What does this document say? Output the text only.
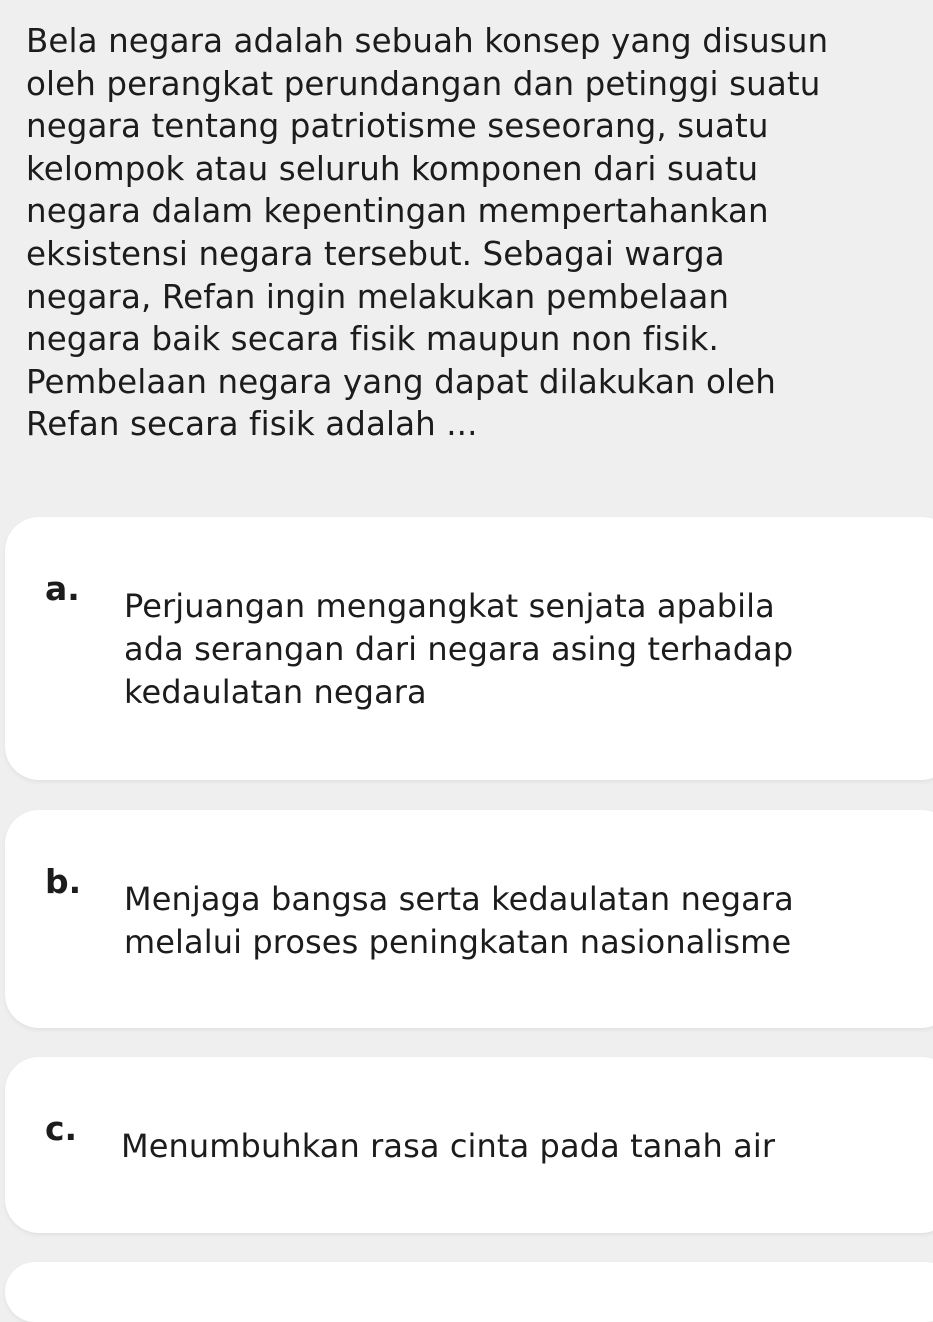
Bela negara adalah sebuah konsep yang disusun
oleh perangkat perundangan dan petinggi suatu
negara tentang patriotisme seseorang, suatu
kelompok atau seluruh komponen dari suatu
negara dalam kepentingan mempertahankan
eksistensi negara tersebut. Sebagai warga
negara, Refan ingin melakukan pembelaan
negara baik secara fisik maupun non fisik.
Pembelaan negara yang dapat dilakukan oleh
Refan secara fisik adalah ...

a. Perjuangan mengangkat senjata apabila
ada serangan dari negara asing terhadap
kedaulatan negara
b. Menjaga bangsa serta kedaulatan negara
melalui proses peningkatan nasionalisme
c. Menumbuhkan rasa cinta pada tanah air
